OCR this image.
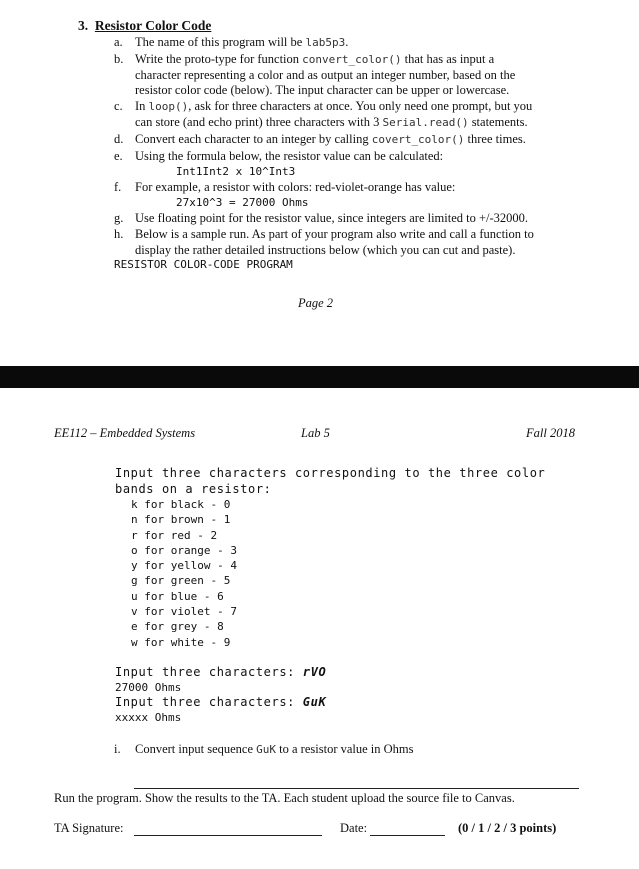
3. Resistor Color Code
a. The name of this program will be lab5p3.
b. Write the proto-type for function convert_color() that has as input a
character representing a color and as output an integer number, based on the
resistor color code (below). The input character can be upper or lowercase.
c. In loop(), ask for three characters at once. You only need one prompt, but you
can store (and echo print) three characters with 3 Serial.read() statements.
d. Convert each character to an integer by calling covert_color() three times.
e. Using the formula below, the resistor value can be calculated:
Int1Int2 x 10^Int3
f. For example, a resistor with colors: red-violet-orange has value:
27x10^3 = 27000 Ohms
g. Use floating point for the resistor value, since integers are limited to +/-32000.
h. Below is a sample run. As part of your program also write and call a function to
display the rather detailed instructions below (which you can cut and paste).
RESISTOR COLOR-CODE PROGRAM
Page 2
EE112 – Embedded Systems	Lab 5	Fall 2018
Input three characters corresponding to the three color
bands on a resistor:
k for black - 0
n for brown - 1
r for red - 2
o for orange - 3
y for yellow - 4
g for green - 5
u for blue - 6
v for violet - 7
e for grey - 8
w for white - 9
Input three characters: rVO
27000 Ohms
Input three characters: GuK
xxxxx Ohms
i. Convert input sequence GuK to a resistor value in Ohms
Run the program. Show the results to the TA. Each student upload the source file to Canvas.
TA Signature:	Date:	(0 / 1 / 2 / 3 points)
